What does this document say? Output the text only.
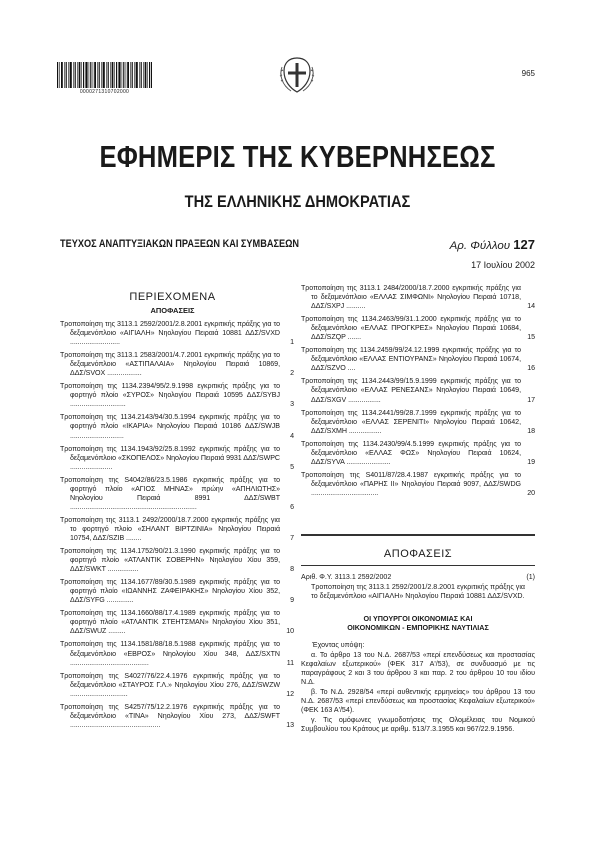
0000271310702000
965
ΕΦΗΜΕΡΙΣ ΤΗΣ ΚΥΒΕΡΝΗΣΕΩΣ
ΤΗΣ ΕΛΛΗΝΙΚΗΣ ΔΗΜΟΚΡΑΤΙΑΣ
ΤΕΥΧΟΣ ΑΝΑΠΤΥΞΙΑΚΩΝ ΠΡΑΞΕΩΝ ΚΑΙ ΣΥΜΒΑΣΕΩΝ	Αρ. Φύλλου 127
17 Ιουλίου 2002
ΠΕΡΙΕΧΟΜΕΝΑ
ΑΠΟΦΑΣΕΙΣ
Τροποποίηση της 3113.1 2592/2001/2.8.2001 εγκριτικής πράξης για το δεξαμενόπλοιο «ΑΙΓΙΑΛΗ» Νηολογίου Πειραιά 10881 ΔΔΣ/SVXD ..........................	1
Τροποποίηση της 3113.1 2583/2001/4.7.2001 εγκριτικής πράξης για το δεξαμενόπλοιο «ΑΣΤΙΠΑΛΑΙΑ» Νηολογίου Πειραιά 10869, ΔΔΣ/SVOX ..................	2
Τροποποίηση της 1134.2394/95/2.9.1998 εγκριτικής πράξης για το φορτηγό πλοίο «ΣΥΡΟΣ» Νηολογίου Πειραιά 10595 ΔΔΣ/SYBJ .............................	3
Τροποποίηση της 1134.2143/94/30.5.1994 εγκριτικής πράξης για το φορτηγό πλοίο «ΙΚΑΡΙΑ» Νηολογίου Πειραιά 10186 ΔΔΣ/SWJB ............................	4
Τροποποίηση της 1134.1943/92/25.8.1992 εγκριτικής πράξης για το δεξαμενόπλοιο «ΣΚΟΠΕΛΟΣ» Νηολογίου Πειραιά 9931 ΔΔΣ/SWPC ......................	5
Τροποποίηση της S4042/86/23.5.1986 εγκριτικής πράξης για το φορτηγό πλοίο «ΑΓΙΟΣ ΜΗΝΑΣ» πρώην «ΑΠΗΛΙΩΤΗΣ» Νηολογίου Πειραιά 8991 ΔΔΣ/SWBT ..................................................................	6
Τροποποίηση της 3113.1 2492/2000/18.7.2000 εγκριτικής πράξης για το φορτηγό πλοίο «ΣΗΛΑΝΤ ΒΙΡΤΖΙΝΙΑ» Νηολογίου Πειραιά 10754, ΔΔΣ/SZIB ........	7
Τροποποίηση της 1134.1752/90/21.3.1990 εγκριτικής πράξης για το φορτηγό πλοίο «ΑΤΛΑΝΤΙΚ ΣΟΒΕΡΗΝ» Νηολογίου Χίου 359, ΔΔΣ/SWKT ................	8
Τροποποίηση της 1134.1677/89/30.5.1989 εγκριτικής πράξης για το φορτηγό πλοίο «ΙΩΑΝΝΗΣ ΖΑΦΕΙΡΑΚΗΣ» Νηολογίου Χίου 352, ΔΔΣ/SYFG ..............	9
Τροποποίηση της 1134.1660/88/17.4.1989 εγκριτικής πράξης για το φορτηγό πλοίο «ΑΤΛΑΝΤΙΚ ΣΤΕΗΤΣΜΑΝ» Νηολογίου Χίου 351, ΔΔΣ/SWUZ .........	10
Τροποποίηση της 1134.1581/88/18.5.1988 εγκριτικής πράξης για το δεξαμενόπλοιο «ΕΒΡΟΣ» Νηολογίου Χίου 348, ΔΔΣ/SXTN .........................................	11
Τροποποίηση της S4027/76/22.4.1976 εγκριτικής πράξης για το δεξαμενόπλοιο «ΣΤΑΥΡΟΣ Γ.Λ.» Νηολογίου Χίου 276, ΔΔΣ/SWZW ..............................	12
Τροποποίηση της S4257/75/12.2.1976 εγκριτικής πράξης για το δεξαμενόπλοιο «ΤΙΝΑ» Νηολογίου Χίου 273, ΔΔΣ/SWFT ...............................................	13
Τροποποίηση της 3113.1 2484/2000/18.7.2000 εγκριτικής πράξης για το δεξαμενόπλοιο «ΕΛΛΑΣ ΣΙΜΦΩΝΙ» Νηολογίου Πειραιά 10718, ΔΔΣ/SXPJ ..........	14
Τροποποίηση της 1134.2463/99/31.1.2000 εγκριτικής πράξης για το δεξαμενόπλοιο «ΕΛΛΑΣ ΠΡΟΓΚΡΕΣ» Νηολογίου Πειραιά 10684, ΔΔΣ/SZQP .......	15
Τροποποίηση της 1134.2459/99/24.12.1999 εγκριτικής πράξης για το δεξαμενόπλοιο «ΕΛΛΑΣ ΕΝΤΙΟΥΡΑΝΣ» Νηολογίου Πειραιά 10674, ΔΔΣ/SZVO ....	16
Τροποποίηση της 1134.2443/99/15.9.1999 εγκριτικής πράξης για το δεξαμενόπλοιο «ΕΛΛΑΣ ΡΕΝΕΣΑΝΣ» Νηολογίου Πειραιά 10649, ΔΔΣ/SXGV .................	17
Τροποποίηση της 1134.2441/99/28.7.1999 εγκριτικής πράξης για το δεξαμενόπλοιο «ΕΛΛΑΣ ΣΕΡΕΝΙΤΙ» Νηολογίου Πειραιά 10642, ΔΔΣ/SXMH .................	18
Τροποποίηση της 1134.2430/99/4.5.1999 εγκριτικής πράξης για το δεξαμενόπλοιο «ΕΛΛΑΣ ΦΩΣ» Νηολογίου Πειραιά 10624, ΔΔΣ/SYVA .......................	19
Τροποποίηση της S4011/87/28.4.1987 εγκριτικής πράξης για το δεξαμενόπλοιο «ΠΑΡΗΣ ΙΙ» Νηολογίου Πειραιά 9097, ΔΔΣ/SWDG ...................................	20
ΑΠΟΦΑΣΕΙΣ
Αριθ. Φ.Υ. 3113.1 2592/2002	(1)
Τροποποίηση της 3113.1 2592/2001/2.8.2001 εγκριτικής πράξης για το δεξαμενόπλοιο «ΑΙΓΙΑΛΗ» Νηολογίου Πειραιά 10881 ΔΔΣ/SVXD.
ΟΙ ΥΠΟΥΡΓΟΙ ΟΙΚΟΝΟΜΙΑΣ ΚΑΙ
ΟΙΚΟΝΟΜΙΚΩΝ - ΕΜΠΟΡΙΚΗΣ ΝΑΥΤΙΛΙΑΣ
Έχοντας υπόψη:
α. Το άρθρο 13 του Ν.Δ. 2687/53 «περί επενδύσεως και προστασίας Κεφαλαίων εξωτερικού» (ΦΕΚ 317 Α'/53), σε συνδυασμό με τις παραγράφους 2 και 3 του άρθρου 3 και παρ. 2 του άρθρου 10 του ιδίου Ν.Δ.
β. Το Ν.Δ. 2928/54 «περί αυθεντικής ερμηνείας» του άρθρου 13 του Ν.Δ. 2687/53 «περί επενδύσεως και προστασίας Κεφαλαίων εξωτερικού» (ΦΕΚ 163 Α'/54).
γ. Τις ομόφωνες γνωμοδοτήσεις της Ολομέλειας του Νομικού Συμβουλίου του Κράτους με αριθμ. 513/7.3.1955 και 967/22.9.1956.
